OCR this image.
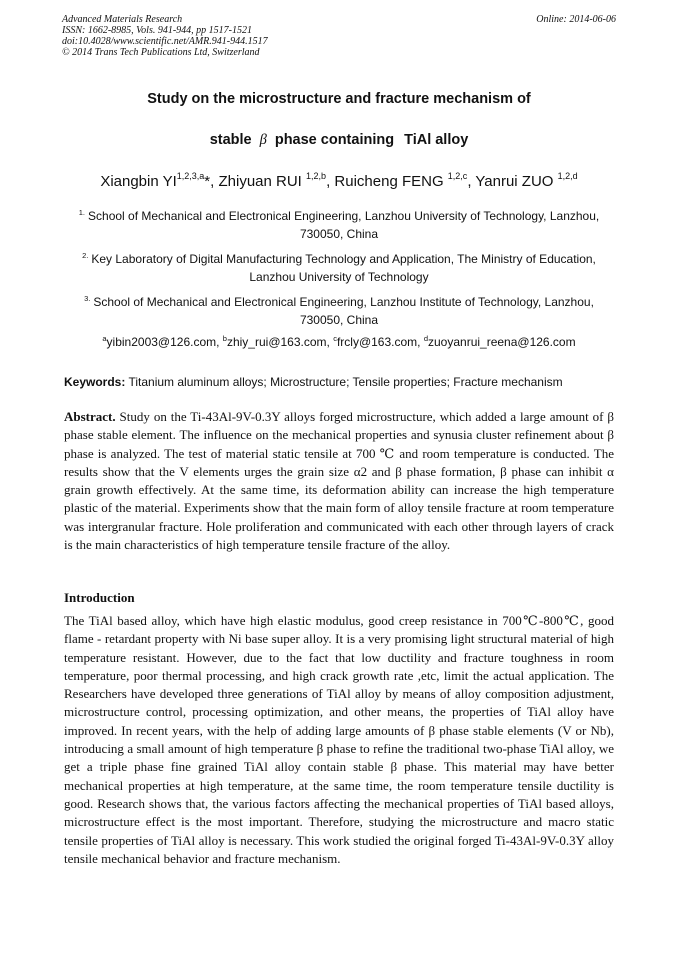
Advanced Materials Research
ISSN: 1662-8985, Vols. 941-944, pp 1517-1521
doi:10.4028/www.scientific.net/AMR.941-944.1517
© 2014 Trans Tech Publications Ltd, Switzerland
Online: 2014-06-06
Study on the microstructure and fracture mechanism of
stable β phase containing TiAl alloy
Xiangbin YI$^{1,2,3,a}$*, Zhiyuan RUI $^{1,2,b}$, Ruicheng FENG $^{1,2,c}$, Yanrui ZUO $^{1,2,d}$
$^{1.}$ School of Mechanical and Electronical Engineering, Lanzhou University of Technology, Lanzhou,
730050, China
$^{2.}$ Key Laboratory of Digital Manufacturing Technology and Application, The Ministry of Education,
Lanzhou University of Technology
$^{3.}$ School of Mechanical and Electronical Engineering, Lanzhou Institute of Technology, Lanzhou,
730050, China
$^a$yibin2003@126.com, $^b$zhiy_rui@163.com, $^c$frcly@163.com, $^d$zuoyanrui_reena@126.com
Keywords: Titanium aluminum alloys; Microstructure; Tensile properties; Fracture mechanism
Abstract. Study on the Ti-43Al-9V-0.3Y alloys forged microstructure, which added a large amount of β phase stable element. The influence on the mechanical properties and synusia cluster refinement about β phase is analyzed. The test of material static tensile at 700 ℃ and room temperature is conducted. The results show that the V elements urges the grain size α2 and β phase formation, β phase can inhibit α grain growth effectively. At the same time, its deformation ability can increase the high temperature plastic of the material. Experiments show that the main form of alloy tensile fracture at room temperature was intergranular fracture. Hole proliferation and communicated with each other through layers of crack is the main characteristics of high temperature tensile fracture of the alloy.
Introduction
The TiAl based alloy, which have high elastic modulus, good creep resistance in 700℃-800℃, good flame - retardant property with Ni base super alloy. It is a very promising light structural material of high temperature resistant. However, due to the fact that low ductility and fracture toughness in room temperature, poor thermal processing, and high crack growth rate ,etc, limit the actual application. The Researchers have developed three generations of TiAl alloy by means of alloy composition adjustment, microstructure control, processing optimization, and other means, the properties of TiAl alloy have improved. In recent years, with the help of adding large amounts of β phase stable elements (V or Nb), introducing a small amount of high temperature β phase to refine the traditional two-phase TiAl alloy, we get a triple phase fine grained TiAl alloy contain stable β phase. This material may have better mechanical properties at high temperature, at the same time, the room temperature tensile ductility is good. Research shows that, the various factors affecting the mechanical properties of TiAl based alloys, microstructure effect is the most important. Therefore, studying the microstructure and macro static tensile properties of TiAl alloy is necessary. This work studied the original forged Ti-43Al-9V-0.3Y alloy tensile mechanical behavior and fracture mechanism.
